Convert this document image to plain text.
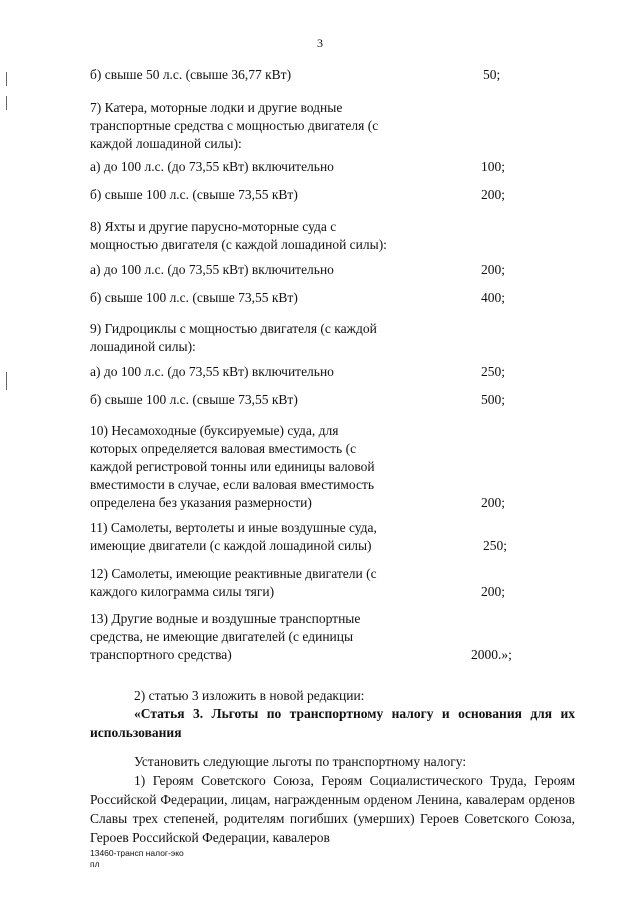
3
б) свыше 50 л.с. (свыше 36,77 кВт)	50;
7) Катера, моторные лодки и другие водные
транспортные средства с мощностью двигателя (с
каждой лошадиной силы):
а) до 100 л.с. (до 73,55 кВт) включительно	100;
б) свыше 100 л.с. (свыше 73,55 кВт)	200;
8) Яхты и другие парусно-моторные суда с
мощностью двигателя (с каждой лошадиной силы):
а) до 100 л.с. (до 73,55 кВт) включительно	200;
б) свыше 100 л.с. (свыше 73,55 кВт)	400;
9) Гидроциклы с мощностью двигателя (с каждой
лошадиной силы):
а) до 100 л.с. (до 73,55 кВт) включительно	250;
б) свыше 100 л.с. (свыше 73,55 кВт)	500;
10) Несамоходные (буксируемые) суда, для
которых определяется валовая вместимость (с
каждой регистровой тонны или единицы валовой
вместимости в случае, если валовая вместимость
определена без указания размерности)	200;
11) Самолеты, вертолеты и иные воздушные суда,
имеющие двигатели (с каждой лошадиной силы)	250;
12) Самолеты, имеющие реактивные двигатели (с
каждого килограмма силы тяги)	200;
13) Другие водные и воздушные транспортные
средства, не имеющие двигателей (с единицы
транспортного средства)	2000.»;
2) статью 3 изложить в новой редакции:
«Статья 3. Льготы по транспортному налогу и основания для их использования
Установить следующие льготы по транспортному налогу:
1) Героям Советского Союза, Героям Социалистического Труда, Героям Российской Федерации, лицам, награжденным орденом Ленина, кавалерам орденов Славы трех степеней, родителям погибших (умерших) Героев Советского Союза, Героев Российской Федерации, кавалеров
13460-трансп налог-эко
пл
